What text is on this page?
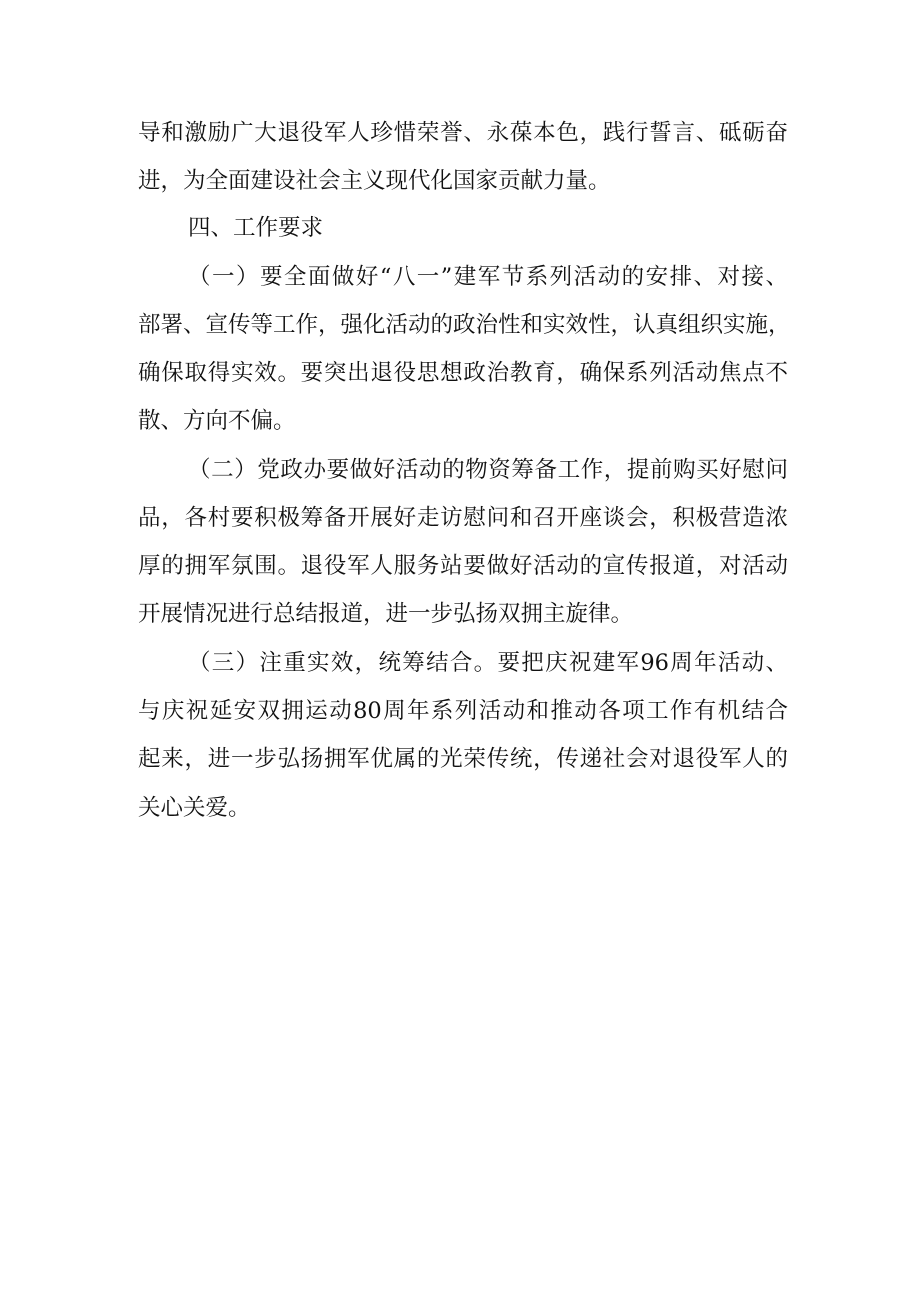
导和激励广大退役军人珍惜荣誉、永葆本色，践行誓言、砥砺奋
进，为全面建设社会主义现代化国家贡献力量。
四、工作要求
（一）要全面做好“八一”建军节系列活动的安排、对接、
部署、宣传等工作，强化活动的政治性和实效性，认真组织实施，
确保取得实效。要突出退役思想政治教育，确保系列活动焦点不
散、方向不偏。
（二）党政办要做好活动的物资筹备工作，提前购买好慰问
品，各村要积极筹备开展好走访慰问和召开座谈会，积极营造浓
厚的拥军氛围。退役军人服务站要做好活动的宣传报道，对活动
开展情况进行总结报道，进一步弘扬双拥主旋律。
（三）注重实效，统筹结合。要把庆祝建军96周年活动、
与庆祝延安双拥运动80周年系列活动和推动各项工作有机结合
起来，进一步弘扬拥军优属的光荣传统，传递社会对退役军人的
关心关爱。
